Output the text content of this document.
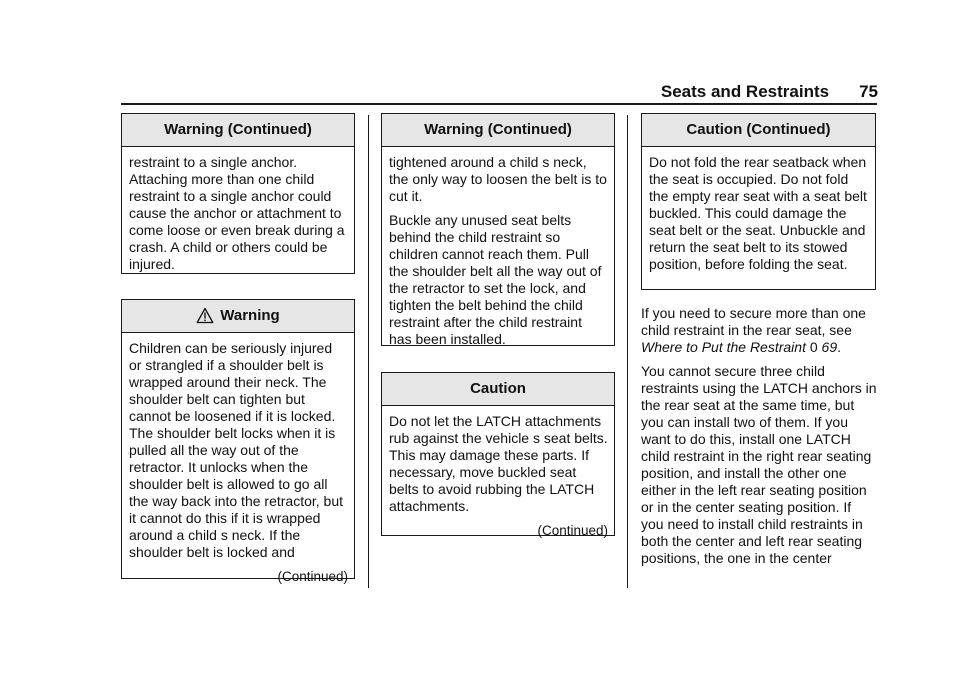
Seats and Restraints 75
Warning (Continued)

restraint to a single anchor. Attaching more than one child restraint to a single anchor could cause the anchor or attachment to come loose or even break during a crash. A child or others could be injured.

Warning

Children can be seriously injured or strangled if a shoulder belt is wrapped around their neck. The shoulder belt can tighten but cannot be loosened if it is locked. The shoulder belt locks when it is pulled all the way out of the retractor. It unlocks when the shoulder belt is allowed to go all the way back into the retractor, but it cannot do this if it is wrapped around a child s neck. If the shoulder belt is locked and

(Continued)
Warning (Continued)

tightened around a child s neck, the only way to loosen the belt is to cut it.

Buckle any unused seat belts behind the child restraint so children cannot reach them. Pull the shoulder belt all the way out of the retractor to set the lock, and tighten the belt behind the child restraint after the child restraint has been installed.

Caution

Do not let the LATCH attachments rub against the vehicle s seat belts. This may damage these parts. If necessary, move buckled seat belts to avoid rubbing the LATCH attachments.

(Continued)
Caution (Continued)

Do not fold the rear seatback when the seat is occupied. Do not fold the empty rear seat with a seat belt buckled. This could damage the seat belt or the seat. Unbuckle and return the seat belt to its stowed position, before folding the seat.

If you need to secure more than one child restraint in the rear seat, see Where to Put the Restraint 0 69.

You cannot secure three child restraints using the LATCH anchors in the rear seat at the same time, but you can install two of them. If you want to do this, install one LATCH child restraint in the right rear seating position, and install the other one either in the left rear seating position or in the center seating position. If you need to install child restraints in both the center and left rear seating positions, the one in the center
